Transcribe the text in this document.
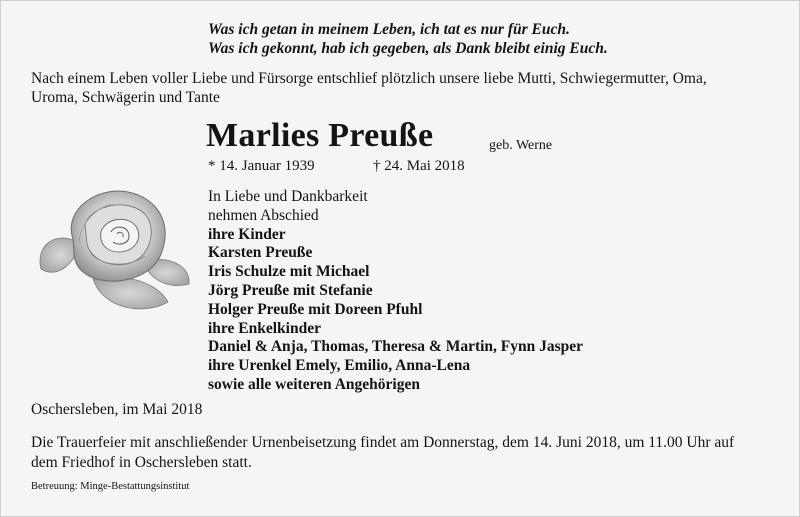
Was ich getan in meinem Leben, ich tat es nur für Euch.
Was ich gekonnt, hab ich gegeben, als Dank bleibt einig Euch.
Nach einem Leben voller Liebe und Fürsorge entschlief plötzlich unsere liebe Mutti, Schwiegermutter, Oma,
Uroma, Schwägerin und Tante
Marlies Preuße	geb. Werne
* 14. Januar 1939	† 24. Mai 2018
In Liebe und Dankbarkeit
nehmen Abschied
ihre Kinder
Karsten Preuße
Iris Schulze mit Michael
Jörg Preuße mit Stefanie
Holger Preuße mit Doreen Pfuhl
ihre Enkelkinder
Daniel & Anja, Thomas, Theresa & Martin, Fynn Jasper
ihre Urenkel Emely, Emilio, Anna-Lena
sowie alle weiteren Angehörigen
Oschersleben, im Mai 2018
Die Trauerfeier mit anschließender Urnenbeisetzung findet am Donnerstag, dem 14. Juni 2018, um 11.00 Uhr auf
dem Friedhof in Oschersleben statt.
Betreuung: Minge-Bestattungsinstitut
